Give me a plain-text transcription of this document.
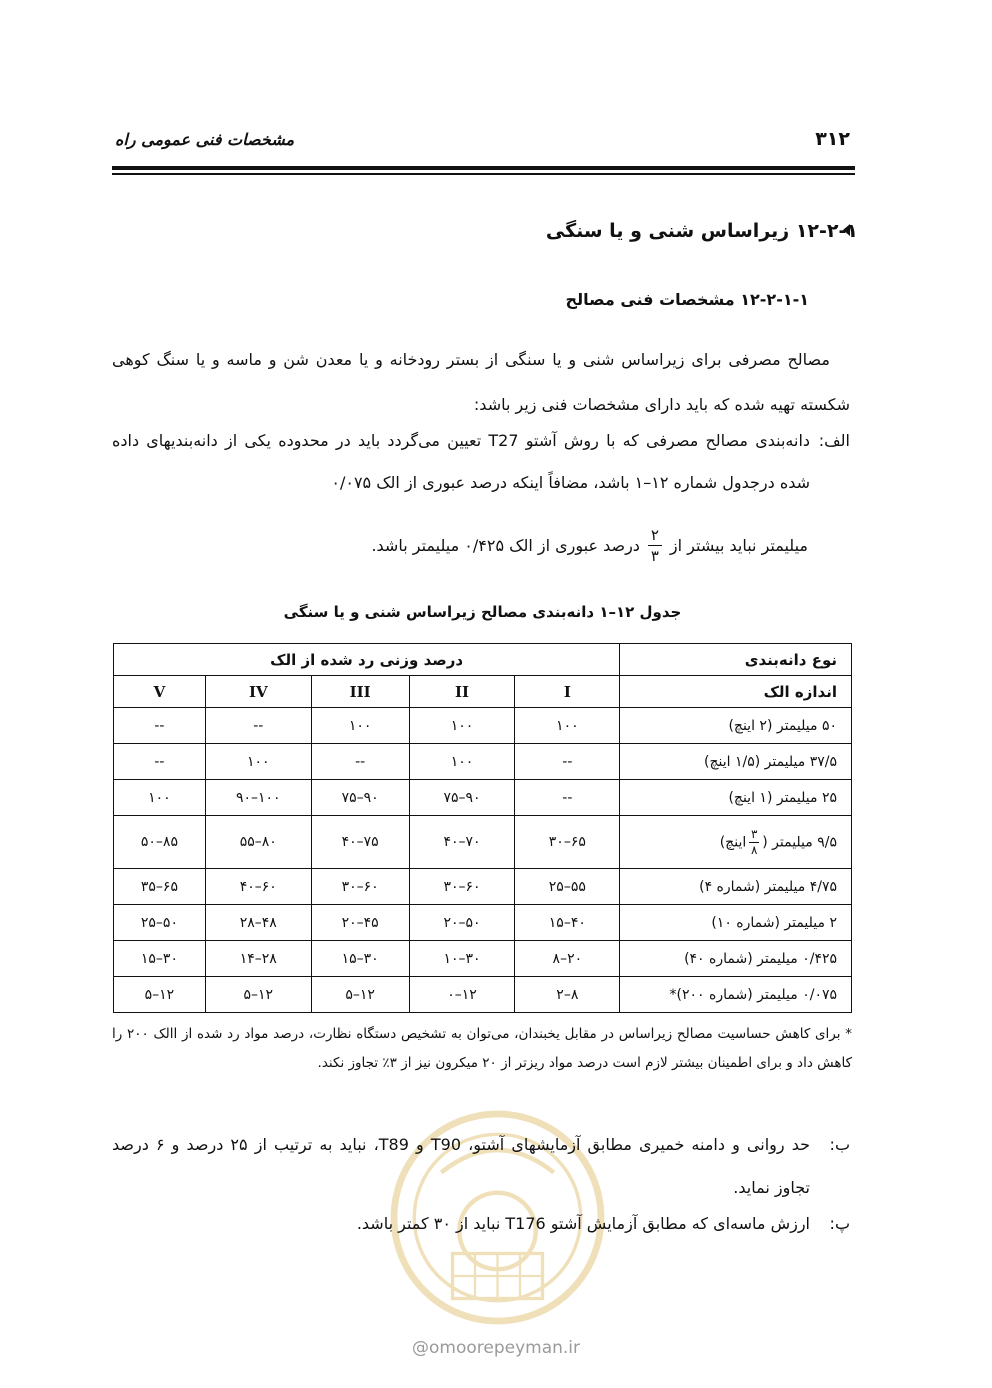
مشخصات فنی عمومی راه	۳۱۲
۱۲-۲-۱ زیراساس شنی و یا سنگی
۱۲-۲-۱-۱ مشخصات فنی مصالح
مصالح مصرفی برای زیراساس شنی و یا سنگی از بستر رودخانه و یا معدن شن و ماسه و یا سنگ کوهی شکسته تهیه شده که باید دارای مشخصات فنی زیر باشد:
الف:
دانه‌بندی مصالح مصرفی که با روش آشتو T27 تعیین می‌گردد باید در محدوده یکی از دانه‌بندیهای داده شده درجدول شماره ۱۲–۱ باشد، مضافاً اینکه درصد عبوری از الک ۰/۰۷۵
میلیمتر نباید بیشتر از
$\frac{۲}{۳}$
درصد عبوری از الک ۰/۴۲۵ میلیمتر باشد.
جدول ۱۲–۱ دانه‌بندی مصالح زیراساس شنی و یا سنگی
درصد وزنی رد شده از الک					نوع دانه‌بندی
V	IV	III	II	I	اندازه الک
--	--	۱۰۰	۱۰۰	۱۰۰	۵۰ میلیمتر (۲ اینچ)
--	۱۰۰	--	۱۰۰	--	۳۷/۵ میلیمتر (۱/۵ اینچ)
۱۰۰	۹۰–۱۰۰	۷۵–۹۰	۷۵–۹۰	--	۲۵ میلیمتر (۱ اینچ)
۵۰–۸۵	۵۵–۸۰	۴۰–۷۵	۴۰–۷۰	۳۰–۶۵	۹/۵ میلیمتر (
$\frac{۳}{۸}$
اینچ)
۳۵–۶۵	۴۰–۶۰	۳۰–۶۰	۳۰–۶۰	۲۵–۵۵	۴/۷۵ میلیمتر (شماره ۴)
۲۵–۵۰	۲۸–۴۸	۲۰–۴۵	۲۰–۵۰	۱۵–۴۰	۲ میلیمتر (شماره ۱۰)
۱۵–۳۰	۱۴–۲۸	۱۵–۳۰	۱۰–۳۰	۸–۲۰	۰/۴۲۵ میلیمتر (شماره ۴۰)
۵–۱۲	۵–۱۲	۵–۱۲	۰–۱۲	۲–۸	۰/۰۷۵ میلیمتر (شماره ۲۰۰)*
* برای کاهش حساسیت مصالح زیراساس در مقابل یخبندان، می‌توان به تشخیص دستگاه نظارت، درصد مواد رد شده از االک ۲۰۰ را کاهش داد و برای اطمینان بیشتر لازم است درصد مواد ریزتر از ۲۰ میکرون نیز از ۳٪ تجاوز نکند.
ب:
حد روانی و دامنه خمیری مطابق آزمایشهای آشتو، T90 و T89، نباید به ترتیب از ۲۵ درصد و ۶ درصد تجاوز نماید.
پ:
ارزش ماسه‌ای که مطابق آزمایش آشتو T176 نباید از ۳۰ کمتر باشد.
@omoorepeyman.ir
